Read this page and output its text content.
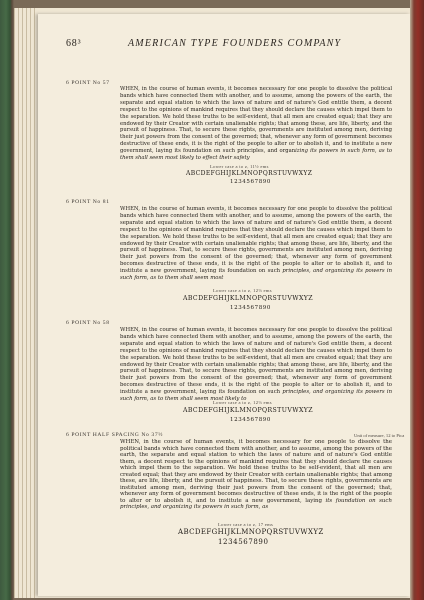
68³	AMERICAN TYPE FOUNDERS COMPANY
6 POINT No 57

WHEN, in the course of human events, it becomes necessary for one people to dissolve the political bands which have connected them with another, and to assume, among the powers of the earth, the separate and equal station to which the laws of nature and of nature's God entitle them, a decent respect to the opinions of mankind requires that they should declare the causes which impel them to the separation. We hold these truths to be self-evident, that all men are created equal; that they are endowed by their Creator with certain unalienable rights; that among these, are life, liberty, and the pursuit of happiness. That, to secure these rights, governments are instituted among men, deriving their just powers from the consent of the governed; that, whenever any form of government becomes destructive of these ends, it is the right of the people to alter or to abolish it, and to institute a new government, laying its foundation on such principles, and organizing its powers in such form, as to them shall seem most likely to effect their safety

Lower case a to z, 11½ ems
ABCDEFGHIJKLMNOPQRSTUVWXYZ
1234567890
6 POINT No 81

WHEN, in the course of human events, it becomes necessary for one people to dissolve the political bands which have connected them with another, and to assume, among the powers of the earth, the separate and equal station to which the laws of nature and of nature's God entitle them, a decent respect to the opinions of mankind requires that they should declare the causes which impel them to the separation. We hold these truths to be self-evident, that all men are created equal; that they are endowed by their Creator with certain unalienable rights; that among these, are life, liberty, and the pursuit of happiness. That, to secure these rights, governments are instituted among men, deriving their just powers from the consent of the governed; that, whenever any form of government becomes destructive of these ends, it is the right of the people to alter or to abolish it, and to institute a new government, laying its foundation on such principles, and organizing its powers in such form, as to them shall seem most

Lower case a to z, 12⅓ ems
ABCDEFGHIJKLMNOPQRSTUVWXYZ
1234567890
6 POINT No 58

WHEN, in the course of human events, it becomes necessary for one people to dissolve the political bands which have connected them with another, and to assume, among the powers of the earth, the separate and equal station to which the laws of nature and of nature's God entitle them, a decent respect to the opinions of mankind requires that they should declare the causes which impel them to the separation. We hold these truths to be self-evident, that all men are created equal; that they are endowed by their Creator with certain unalienable rights; that among these, are life, liberty, and the pursuit of happiness. That, to secure these rights, governments are instituted among men, deriving their just powers from the consent of the governed; that, whenever any form of government becomes destructive of these ends, it is the right of the people to alter or to abolish it, and to institute a new government, laying its foundation on such principles, and organizing its powers in such form, as to them shall seem most likely to

Lower case a to z, 12⅓ ems
ABCDEFGHIJKLMNOPQRSTUVWXYZ
1234567890
6 POINT HALF SPACING No 37½	Unit of measure, 12 to Pica

WHEN, in the course of human events, it becomes necessary for one people to dissolve the political bands which have connected them with another, and to assume, among the powers of the earth, the separate and equal station to which the laws of nature and of nature's God entitle them, a decent respect to the opinions of mankind requires that they should declare the causes which impel them to the separation. We hold these truths to be self-evident, that all men are created equal; that they are endowed by their Creator with certain unalienable rights; that among these, are life, liberty, and the pursuit of happiness. That, to secure these rights, governments are instituted among men, deriving their just powers from the consent of the governed; that, whenever any form of government becomes destructive of these ends, it is the right of the people to alter or to abolish it, and to institute a new government, laying its foundation on such principles, and organizing its powers in such form, as

Lower case a to z, 17 ems
ABCDEFGHIJKLMNOPQRSTUVWXYZ
1234567890
